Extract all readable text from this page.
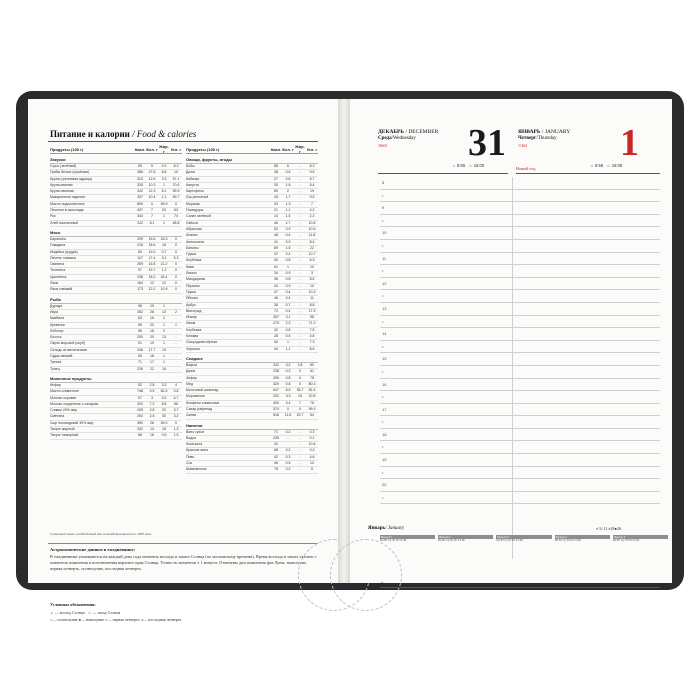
Питание и калории / Food & calories
Продукты (100 г)	Ккал. Бел. г Жир. г	Угл. г
Закуски
Горох (зелёный)	55	5	0.2	8.3
Грибы белые (сушёные)	286	27.6	6.8	10
Крупа (гречневая ядрица)	313	12.6	3.3	57.1
Крупа манная	328	10.3	1	70.6
Крупа овсяная	342	12.3	6.1	59.5
Макаронные изделия	337	10.4	1.1	69.7
Масло подсолнечное	899	0	99.9	0
Печенье в шоколаде	497	7	23	63
Рис	344	7	1	74
Хлеб пшеничный	242	8.1	1	48.8
Мясо
Баранина	209	15.6	16.3	0
Говядина	218	18.6	16	0
Индейка (грудка)	84	19.2	0.7	0
Печень говяжья	127	17.4	3.1	5.3
Свинина	259	16.8	21.2	0
Телятина	97	19.7	1.2	0
Цыплёнок	238	18.2	18.4	0
Язык	164	12	12	0
Язык говяжий	173	12.2	10.9	0
Рыба
Дурада	98	19	1	-
Икра	252	26	13	2
Камбала	83	16	2	-
Креветки	95	20	1	1
Лобстер	98	18	2	-
Лосось	200	20	13	-
Окунь морской (окуб)	91	19	1	-
Сельдь атлантическая	246	17.7	19	-
Судак свежий	83	18	1	-
Треска	71	17	1	-
Тунец	226	22	16	-
Молочные продукты
Кефир	52	2.8	3.2	4
Масло сливочное	748	0.5	82.5	0.8
Молоко коровье	57	3	3.2	4.7
Молоко сгущённое с сахаром	320	7.2	8.5	56
Сливки 20% жир	205	2.8	20	3.7
Сметана	292	2.5	30	3.2
Сыр голландский 30% жир	350	26	26.9	0
Творог жирный	232	14	18	1.3
Творог нежирный	86	18	0.6	1.5
Продукты (100 г)	Ккал. Бел. г Жир. г	Угл. г
Овощи, фрукты, ягоды
Бобы	58	6	-	8.3
Дыня	38	0.6	-	9.6
Кабачки	27	0.6	-	5.7
Капуста	30	1.8	-	5.4
Картофель	80	2	-	19
Лук репчатый	43	1.7	-	9.5
Морковь	33	1.3	-	7
Помидоры	21	1.1	-	4.2
Салат зелёный	14	1.5	-	2.2
Свёкла	46	1.7	-	10.8
Абрикосы	52	0.9	-	10.5
Ананас	48	0.4	-	11.8
Апельсины	41	0.9	-	8.4
Бананы	89	1.5	-	22
Груша	47	0.4	-	10.7
Клубника	30	0.8	-	6.3
Киви	61	1	-	10
Лимон	34	0.9	-	3
Мандарины	38	0.8	-	8.6
Персики	44	0.9	-	10
Груши	47	0.4	-	10.3
Яблоко	46	0.4	-	11
Арбуз	38	0.7	-	8.8
Виноград	72	0.4	-	17.5
Инжир	257	3.1	-	58
Изюм	279	2.3	-	71.2
Клубника	32	0.8	-	7.5
Клюква	28	0.5	-	4.8
Смородина чёрная	40	1	-	7.3
Черника	44	1.1	-	8.6
Сладкое
Вафли	342	3.2	2.8	80
Джем	238	0.3	0	61
Зефир	299	0.8	0	78
Мед	329	0.8	0	80.3
Молочный шоколад	547	6.9	35.7	52.4
Мороженое	232	3.3	15	20.8
Конфеты сливочные	400	4.4	7	76
Сахар-рафинад	374	0	0	99.9
Халва	516	11.6	29.7	54
Напитки
Вино сухое	71	0.2	-	0.3
Водка	235	-	-	0.1
Кока-кола	42	-	-	10.6
Красное вино	68	0.2	-	0.3
Пиво	42	0.3	-	4.6
Сок	46	0.5	-	10
Шампанское	78	0.2	-	5
Суточный запас, необходимый для жизнедеятельности в 2000 ккал
Астрономические данные в ежедневнике:
В ежедневнике указываются на каждый день года моменты восхода и заката Солнца (по московскому времени). Время восхода и заката указано с моментов появления и исчезновения верхнего края Солнца. Точность моментов ± 1 минута. Отмечены дни появления фаз Луны: новолуние, первая четверть, полнолуние, последняя четверть.
Условные обозначения:
☼ — восход Солнца ☼ — заход Солнца
○— полнолуние ●— новолуние ◐— первая четверть ◑— последняя четверть
ДЕКАБРЬ / DECEMBER
Среда/Wednesday
366/0	31
☼ 8:55 ☼ 16:00
ЯНВАРЬ / JANUARY
Четверг/Thursday
1/364	1
Новый год
☼ 8:56 ☼ 16:09
8
•
9
•
10
•
11
•
12
•
13
•
14
•
15
•
16
•
17
•
18
•
19
•
20
•
Для заметок
Январь/ January	◐3○11◑18●26
Неделя 1
Пн Вт Ср Чт Пт Сб Вс
Неделя 2
Пн Вт Ср Чт Пт Сб Вс
Неделя 3
Пн Вт Ср Чт Пт Сб Вс
Неделя 4
Пн Вт Ср Чт Пт Сб Вс
Неделя 5
Пн Вт Ср Чт Пт Сб Вс
